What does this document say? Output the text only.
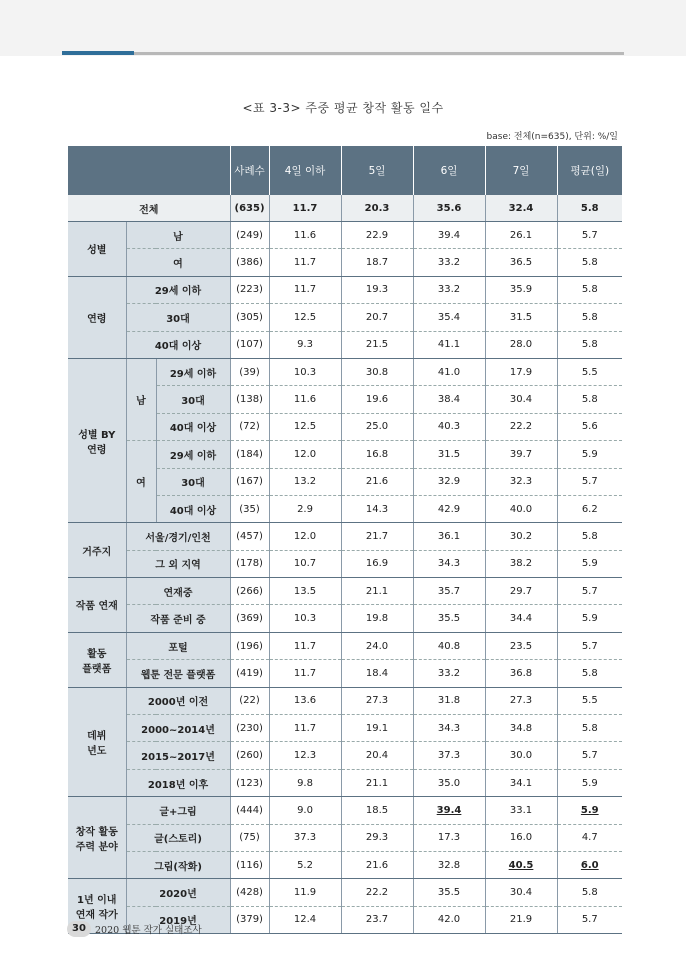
<표 3-3> 주중 평균 창작 활동 일수
base: 전체(n=635), 단위: %/일
			사례수	4일 이하	5일	6일	7일	평균(일)
전체			(635)	11.7	20.3	35.6	32.4	5.8
성별	남		(249)	11.6	22.9	39.4	26.1	5.7
	여		(386)	11.7	18.7	33.2	36.5	5.8
연령	29세 이하		(223)	11.7	19.3	33.2	35.9	5.8
	30대		(305)	12.5	20.7	35.4	31.5	5.8
	40대 이상		(107)	9.3	21.5	41.1	28.0	5.8
성별 BY
연령	남	29세 이하	(39)	10.3	30.8	41.0	17.9	5.5
		30대	(138)	11.6	19.6	38.4	30.4	5.8
		40대 이상	(72)	12.5	25.0	40.3	22.2	5.6
	여	29세 이하	(184)	12.0	16.8	31.5	39.7	5.9
		30대	(167)	13.2	21.6	32.9	32.3	5.7
		40대 이상	(35)	2.9	14.3	42.9	40.0	6.2
거주지	서울/경기/인천		(457)	12.0	21.7	36.1	30.2	5.8
	그 외 지역		(178)	10.7	16.9	34.3	38.2	5.9
작품 연재	연재중		(266)	13.5	21.1	35.7	29.7	5.7
	작품 준비 중		(369)	10.3	19.8	35.5	34.4	5.9
활동
플랫폼	포털		(196)	11.7	24.0	40.8	23.5	5.7
	웹툰 전문 플랫폼		(419)	11.7	18.4	33.2	36.8	5.8
데뷔
년도	2000년 이전		(22)	13.6	27.3	31.8	27.3	5.5
	2000~2014년		(230)	11.7	19.1	34.3	34.8	5.8
	2015~2017년		(260)	12.3	20.4	37.3	30.0	5.7
	2018년 이후		(123)	9.8	21.1	35.0	34.1	5.9
창작 활동
주력 분야	글+그림		(444)	9.0	18.5	39.4	33.1	5.9
	글(스토리)		(75)	37.3	29.3	17.3	16.0	4.7
	그림(작화)		(116)	5.2	21.6	32.8	40.5	6.0
1년 이내
연재 작가	2020년		(428)	11.9	22.2	35.5	30.4	5.8
	2019년		(379)	12.4	23.7	42.0	21.9	5.7
30 2020 웹툰 작가 실태조사
